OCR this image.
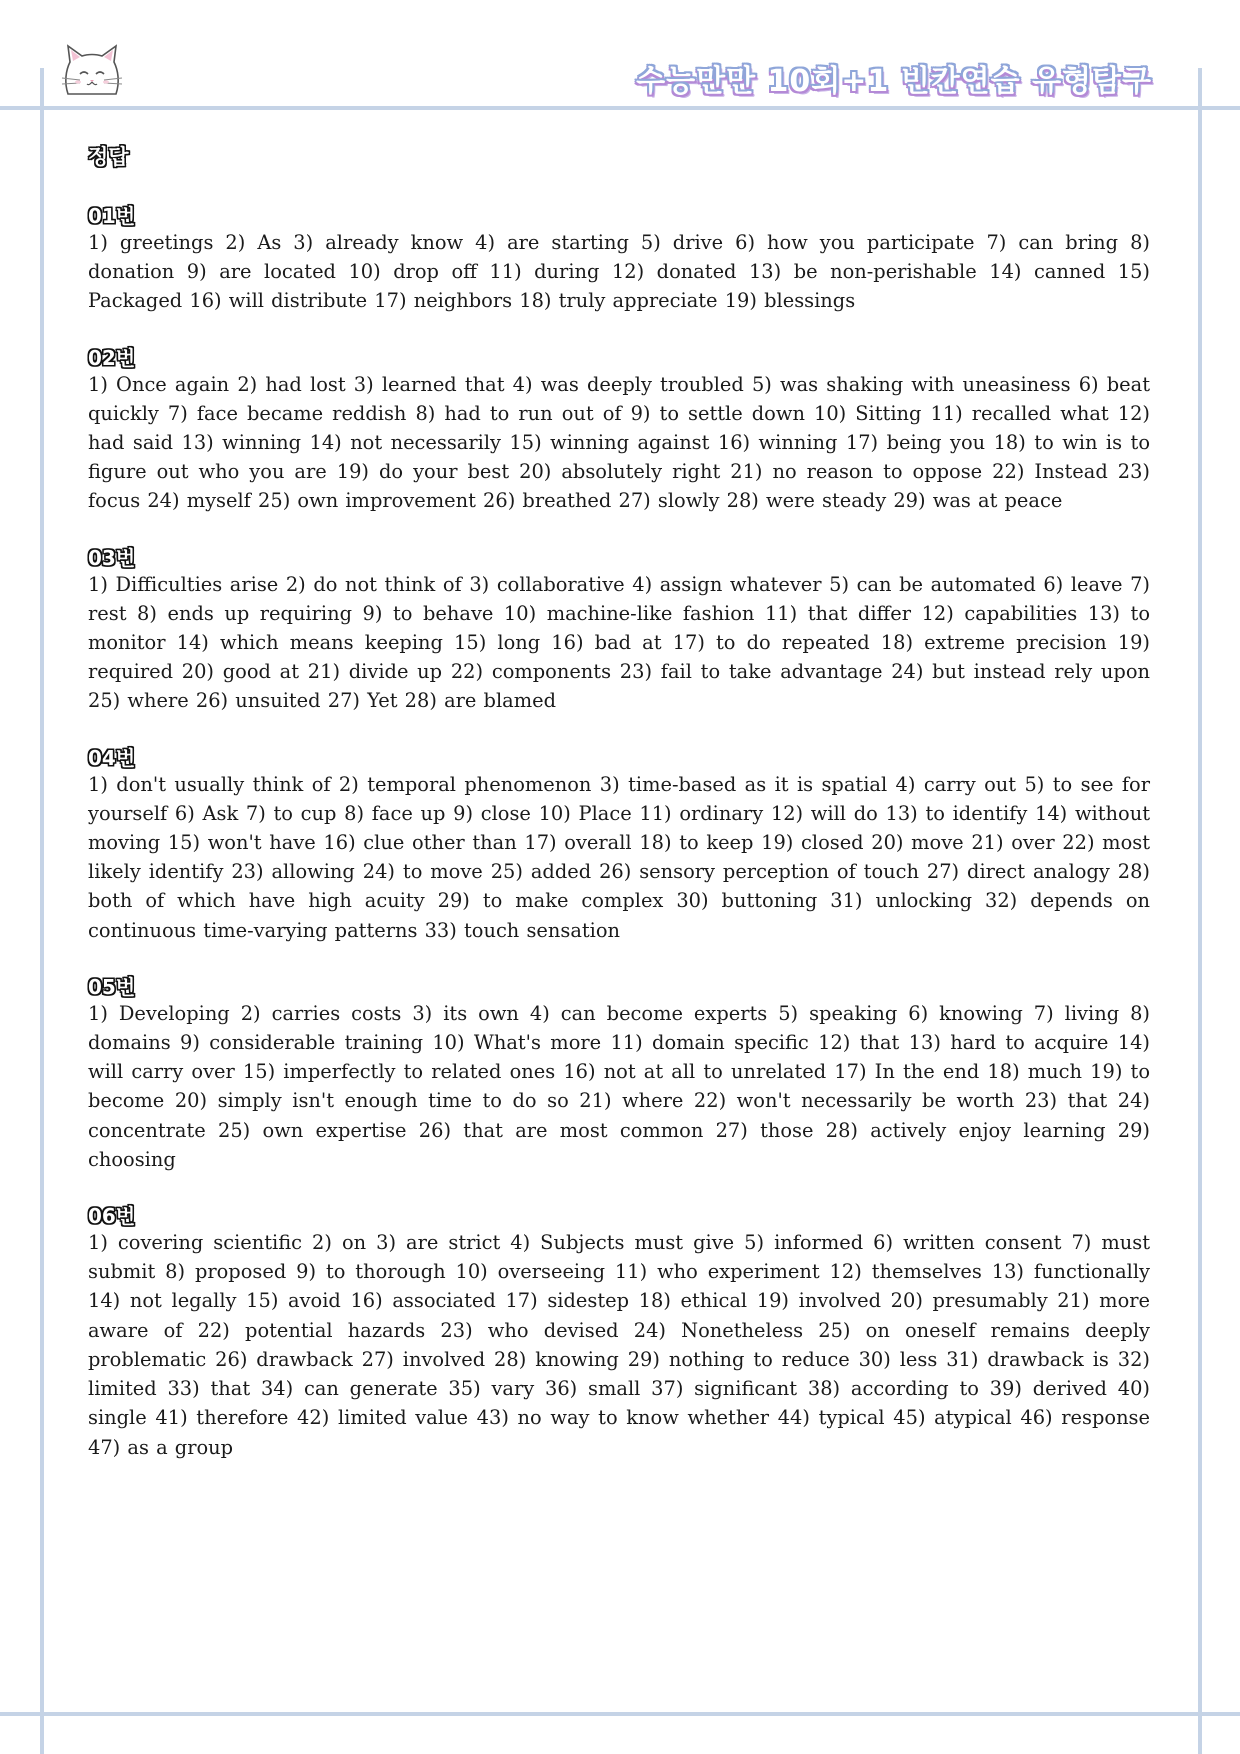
수능만만 10회+1 빈칸연습 유형탐구
정답
01번

1) greetings 2) As 3) already know 4) are starting 5) drive 6) how you participate 7) can bring 8) donation 9) are located 10) drop off 11) during 12) donated 13) be non-perishable 14) canned 15) Packaged 16) will distribute 17) neighbors 18) truly appreciate 19) blessings

02번

1) Once again 2) had lost 3) learned that 4) was deeply troubled 5) was shaking with uneasiness 6) beat quickly 7) face became reddish 8) had to run out of 9) to settle down 10) Sitting 11) recalled what 12) had said 13) winning 14) not necessarily 15) winning against 16) winning 17) being you 18) to win is to figure out who you are 19) do your best 20) absolutely right 21) no reason to oppose 22) Instead 23) focus 24) myself 25) own improvement 26) breathed 27) slowly 28) were steady 29) was at peace

03번

1) Difficulties arise 2) do not think of 3) collaborative 4) assign whatever 5) can be automated 6) leave 7) rest 8) ends up requiring 9) to behave 10) machine-like fashion 11) that differ 12) capabilities 13) to monitor 14) which means keeping 15) long 16) bad at 17) to do repeated 18) extreme precision 19) required 20) good at 21) divide up 22) components 23) fail to take advantage 24) but instead rely upon 25) where 26) unsuited 27) Yet 28) are blamed

04번

1) don't usually think of 2) temporal phenomenon 3) time-based as it is spatial 4) carry out 5) to see for yourself 6) Ask 7) to cup 8) face up 9) close 10) Place 11) ordinary 12) will do 13) to identify 14) without moving 15) won't have 16) clue other than 17) overall 18) to keep 19) closed 20) move 21) over 22) most likely identify 23) allowing 24) to move 25) added 26) sensory perception of touch 27) direct analogy 28) both of which have high acuity 29) to make complex 30) buttoning 31) unlocking 32) depends on continuous time-varying patterns 33) touch sensation

05번

1) Developing 2) carries costs 3) its own 4) can become experts 5) speaking 6) knowing 7) living 8) domains 9) considerable training 10) What's more 11) domain specific 12) that 13) hard to acquire 14) will carry over 15) imperfectly to related ones 16) not at all to unrelated 17) In the end 18) much 19) to become 20) simply isn't enough time to do so 21) where 22) won't necessarily be worth 23) that 24) concentrate 25) own expertise 26) that are most common 27) those 28) actively enjoy learning 29) choosing

06번

1) covering scientific 2) on 3) are strict 4) Subjects must give 5) informed 6) written consent 7) must submit 8) proposed 9) to thorough 10) overseeing 11) who experiment 12) themselves 13) functionally 14) not legally 15) avoid 16) associated 17) sidestep 18) ethical 19) involved 20) presumably 21) more aware of 22) potential hazards 23) who devised 24) Nonetheless 25) on oneself remains deeply problematic 26) drawback 27) involved 28) knowing 29) nothing to reduce 30) less 31) drawback is 32) limited 33) that 34) can generate 35) vary 36) small 37) significant 38) according to 39) derived 40) single 41) therefore 42) limited value 43) no way to know whether 44) typical 45) atypical 46) response 47) as a group
